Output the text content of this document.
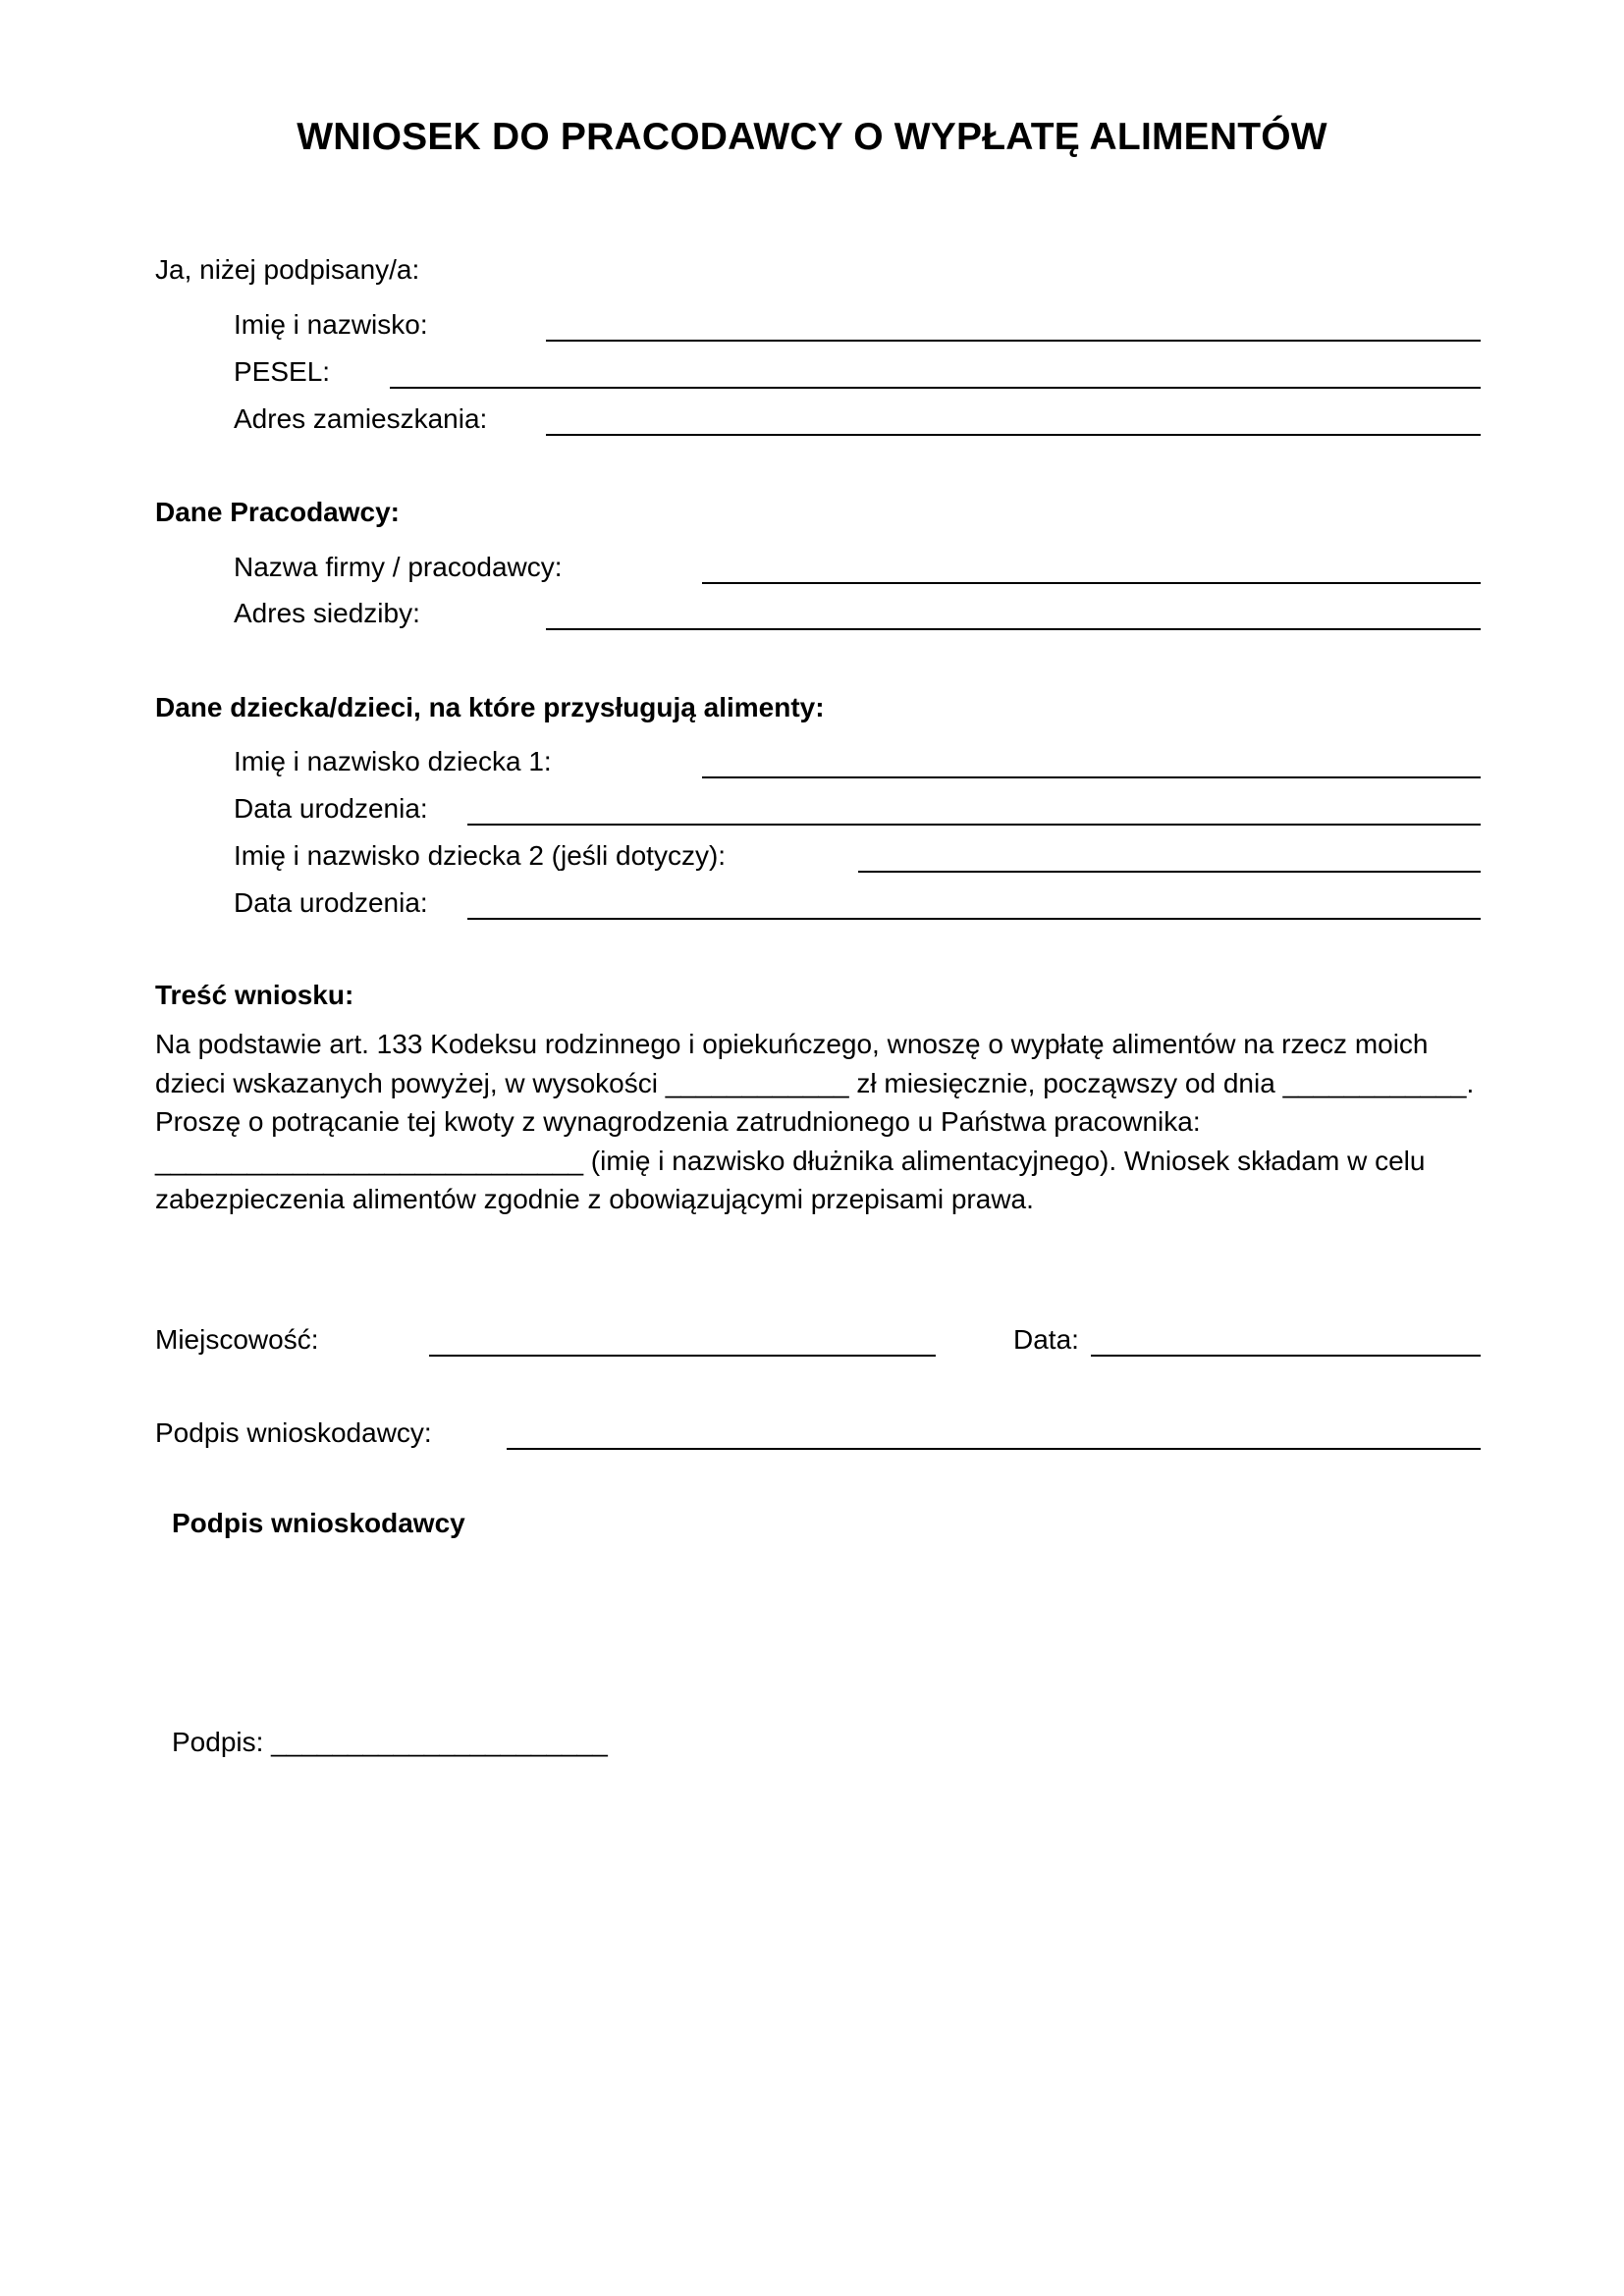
WNIOSEK DO PRACODAWCY O WYPŁATĘ ALIMENTÓW
Ja, niżej podpisany/a:
Imię i nazwisko:
PESEL:
Adres zamieszkania:
Dane Pracodawcy:
Nazwa firmy / pracodawcy:
Adres siedziby:
Dane dziecka/dzieci, na które przysługują alimenty:
Imię i nazwisko dziecka 1:
Data urodzenia:
Imię i nazwisko dziecka 2 (jeśli dotyczy):
Data urodzenia:
Treść wniosku:
Na podstawie art. 133 Kodeksu rodzinnego i opiekuńczego, wnoszę o wypłatę alimentów na rzecz moich
dzieci wskazanych powyżej, w wysokości ____________ zł miesięcznie, począwszy od dnia ____________.
Proszę o potrącanie tej kwoty z wynagrodzenia zatrudnionego u Państwa pracownika:
____________________________ (imię i nazwisko dłużnika alimentacyjnego). Wniosek składam w celu
zabezpieczenia alimentów zgodnie z obowiązującymi przepisami prawa.
Miejscowość:	Data:
Podpis wnioskodawcy:
Podpis wnioskodawcy
Podpis: ______________________
